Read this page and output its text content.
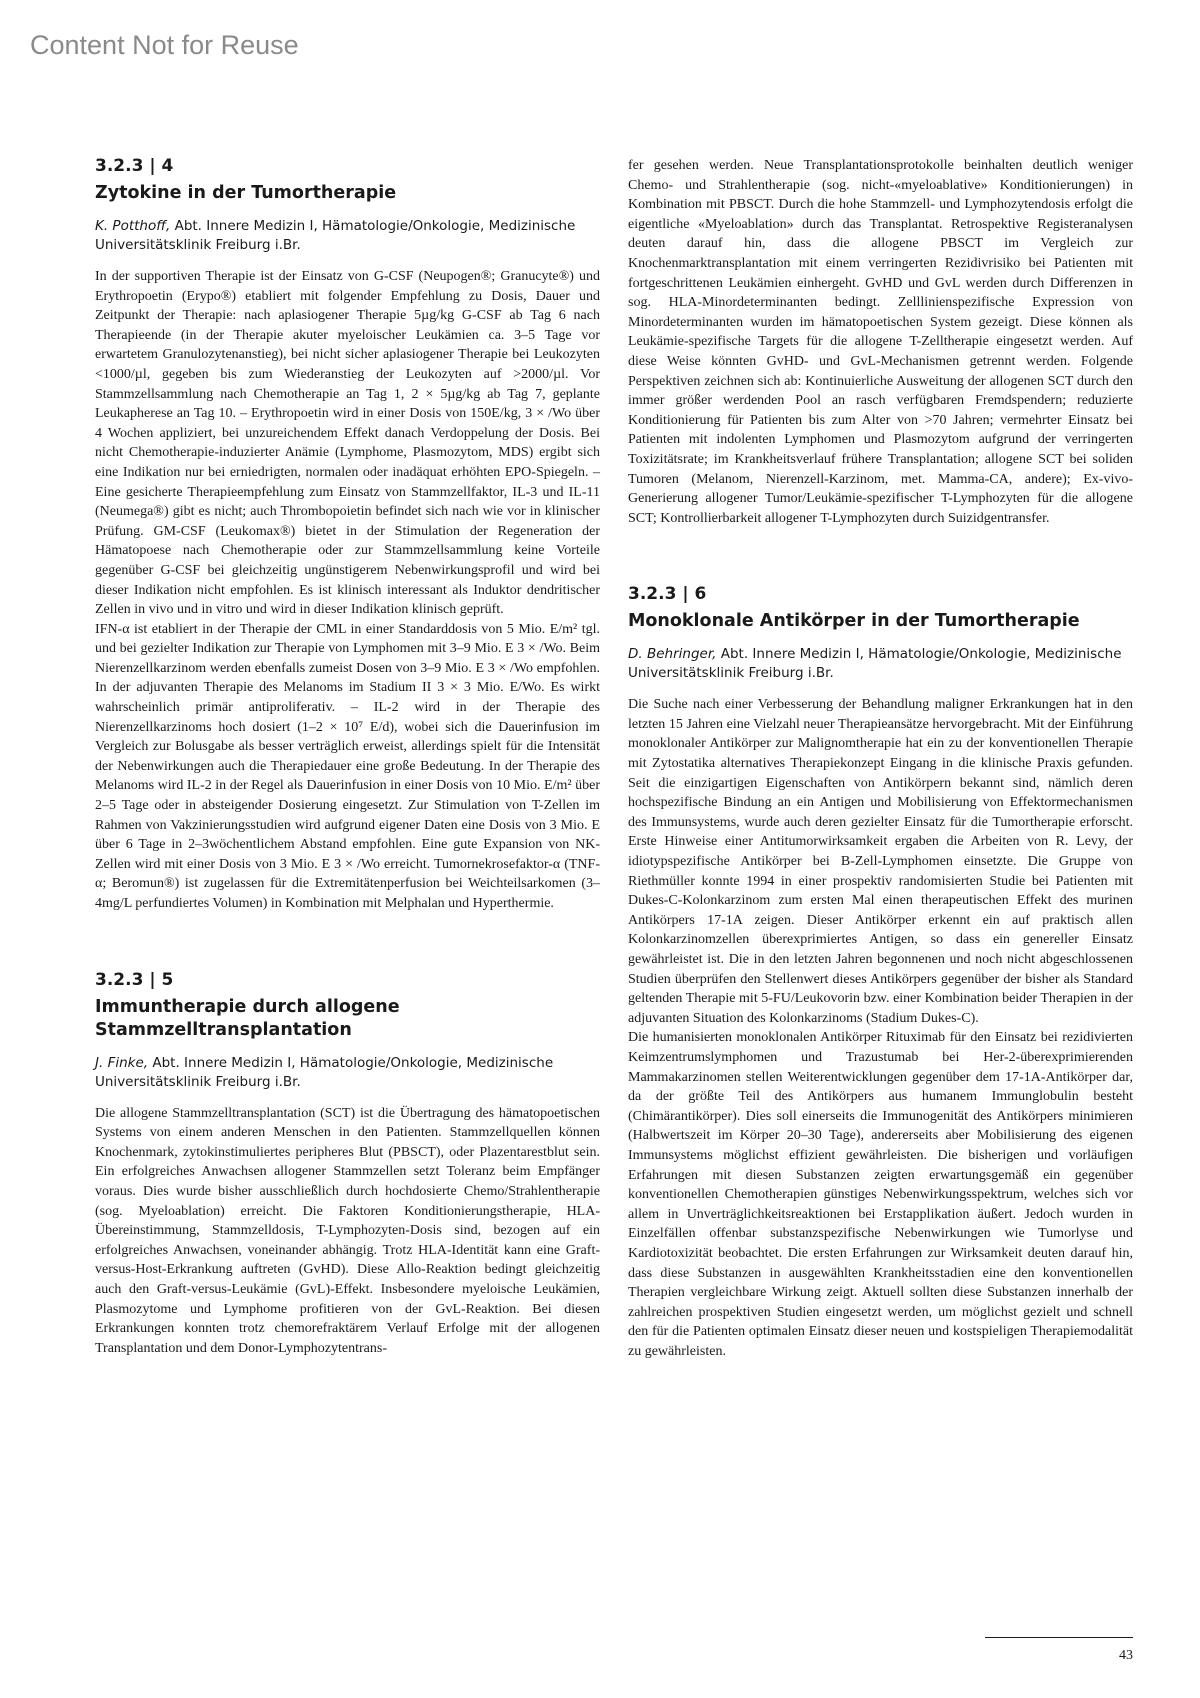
Content Not for Reuse
3.2.3 | 4
Zytokine in der Tumortherapie
K. Potthoff, Abt. Innere Medizin I, Hämatologie/Onkologie, Medizinische Universitätsklinik Freiburg i.Br.

In der supportiven Therapie ist der Einsatz von G-CSF (Neupogen®; Granucyte®) und Erythropoetin (Erypo®) etabliert mit folgender Empfehlung zu Dosis, Dauer und Zeitpunkt der Therapie: nach aplasiogener Therapie 5µg/kg G-CSF ab Tag 6 nach Therapieende (in der Therapie akuter myeloischer Leukämien ca. 3–5 Tage vor erwartetem Granulozytenanstieg), bei nicht sicher aplasiogener Therapie bei Leukozyten <1000/µl, gegeben bis zum Wiederanstieg der Leukozyten auf >2000/µl. Vor Stammzellsammlung nach Chemotherapie an Tag 1, 2 × 5µg/kg ab Tag 7, geplante Leukapherese an Tag 10. – Erythropoetin wird in einer Dosis von 150E/kg, 3 × /Wo über 4 Wochen appliziert, bei unzureichendem Effekt danach Verdoppelung der Dosis. Bei nicht Chemotherapie-induzierter Anämie (Lymphome, Plasmozytom, MDS) ergibt sich eine Indikation nur bei erniedrigten, normalen oder inadäquat erhöhten EPO-Spiegeln. – Eine gesicherte Therapieempfehlung zum Einsatz von Stammzellfaktor, IL-3 und IL-11 (Neumega®) gibt es nicht; auch Thrombopoietin befindet sich nach wie vor in klinischer Prüfung. GM-CSF (Leukomax®) bietet in der Stimulation der Regeneration der Hämatopoese nach Chemotherapie oder zur Stammzellsammlung keine Vorteile gegenüber G-CSF bei gleichzeitig ungünstigerem Nebenwirkungsprofil und wird bei dieser Indikation nicht empfohlen. Es ist klinisch interessant als Induktor dendritischer Zellen in vivo und in vitro und wird in dieser Indikation klinisch geprüft.

IFN-α ist etabliert in der Therapie der CML in einer Standarddosis von 5 Mio. E/m² tgl. und bei gezielter Indikation zur Therapie von Lymphomen mit 3–9 Mio. E 3 × /Wo. Beim Nierenzellkarzinom werden ebenfalls zumeist Dosen von 3–9 Mio. E 3 × /Wo empfohlen. In der adjuvanten Therapie des Melanoms im Stadium II 3 × 3 Mio. E/Wo. Es wirkt wahrscheinlich primär antiproliferativ. – IL-2 wird in der Therapie des Nierenzellkarzinoms hoch dosiert (1–2 × 10⁷ E/d), wobei sich die Dauerinfusion im Vergleich zur Bolusgabe als besser verträglich erweist, allerdings spielt für die Intensität der Nebenwirkungen auch die Therapiedauer eine große Bedeutung. In der Therapie des Melanoms wird IL-2 in der Regel als Dauerinfusion in einer Dosis von 10 Mio. E/m² über 2–5 Tage oder in absteigender Dosierung eingesetzt. Zur Stimulation von T-Zellen im Rahmen von Vakzinierungsstudien wird aufgrund eigener Daten eine Dosis von 3 Mio. E über 6 Tage in 2–3wöchentlichem Abstand empfohlen. Eine gute Expansion von NK-Zellen wird mit einer Dosis von 3 Mio. E 3 × /Wo erreicht. Tumornekrosefaktor-α (TNF-α; Beromun®) ist zugelassen für die Extremitätenperfusion bei Weichteilsarkomen (3–4mg/L perfundiertes Volumen) in Kombination mit Melphalan und Hyperthermie.

3.2.3 | 5
Immuntherapie durch allogene Stammzelltransplantation
J. Finke, Abt. Innere Medizin I, Hämatologie/Onkologie, Medizinische Universitätsklinik Freiburg i.Br.

Die allogene Stammzelltransplantation (SCT) ist die Übertragung des hämatopoetischen Systems von einem anderen Menschen in den Patienten. Stammzellquellen können Knochenmark, zytokinstimuliertes peripheres Blut (PBSCT), oder Plazentarestblut sein. Ein erfolgreiches Anwachsen allogener Stammzellen setzt Toleranz beim Empfänger voraus. Dies wurde bisher ausschließlich durch hochdosierte Chemo/Strahlentherapie (sog. Myeloablation) erreicht. Die Faktoren Konditionierungstherapie, HLA-Übereinstimmung, Stammzelldosis, T-Lymphozyten-Dosis sind, bezogen auf ein erfolgreiches Anwachsen, voneinander abhängig. Trotz HLA-Identität kann eine Graft-versus-Host-Erkrankung auftreten (GvHD). Diese Allo-Reaktion bedingt gleichzeitig auch den Graft-versus-Leukämie (GvL)-Effekt. Insbesondere myeloische Leukämien, Plasmozytome und Lymphome profitieren von der GvL-Reaktion. Bei diesen Erkrankungen konnten trotz chemorefraktärem Verlauf Erfolge mit der allogenen Transplantation und dem Donor-Lymphozytentrans-

fer gesehen werden. Neue Transplantationsprotokolle beinhalten deutlich weniger Chemo- und Strahlentherapie (sog. nicht-«myeloablative» Konditionierungen) in Kombination mit PBSCT. Durch die hohe Stammzell- und Lymphozytendosis erfolgt die eigentliche «Myeloablation» durch das Transplantat. Retrospektive Registeranalysen deuten darauf hin, dass die allogene PBSCT im Vergleich zur Knochenmarktransplantation mit einem verringerten Rezidivrisiko bei Patienten mit fortgeschrittenen Leukämien einhergeht. GvHD und GvL werden durch Differenzen in sog. HLA-Minordeterminanten bedingt. Zelllinienspezifische Expression von Minordeterminanten wurden im hämatopoetischen System gezeigt. Diese können als Leukämie-spezifische Targets für die allogene T-Zelltherapie eingesetzt werden. Auf diese Weise könnten GvHD- und GvL-Mechanismen getrennt werden. Folgende Perspektiven zeichnen sich ab: Kontinuierliche Ausweitung der allogenen SCT durch den immer größer werdenden Pool an rasch verfügbaren Fremdspendern; reduzierte Konditionierung für Patienten bis zum Alter von >70 Jahren; vermehrter Einsatz bei Patienten mit indolenten Lymphomen und Plasmozytom aufgrund der verringerten Toxizitätsrate; im Krankheitsverlauf frühere Transplantation; allogene SCT bei soliden Tumoren (Melanom, Nierenzell-Karzinom, met. Mamma-CA, andere); Ex-vivo-Generierung allogener Tumor/Leukämie-spezifischer T-Lymphozyten für die allogene SCT; Kontrollierbarkeit allogener T-Lymphozyten durch Suizidgentransfer.

3.2.3 | 6
Monoklonale Antikörper in der Tumortherapie
D. Behringer, Abt. Innere Medizin I, Hämatologie/Onkologie, Medizinische Universitätsklinik Freiburg i.Br.

Die Suche nach einer Verbesserung der Behandlung maligner Erkrankungen hat in den letzten 15 Jahren eine Vielzahl neuer Therapieansätze hervorgebracht. Mit der Einführung monoklonaler Antikörper zur Malignomtherapie hat ein zu der konventionellen Therapie mit Zytostatika alternatives Therapiekonzept Eingang in die klinische Praxis gefunden. Seit die einzigartigen Eigenschaften von Antikörpern bekannt sind, nämlich deren hochspezifische Bindung an ein Antigen und Mobilisierung von Effektormechanismen des Immunsystems, wurde auch deren gezielter Einsatz für die Tumortherapie erforscht. Erste Hinweise einer Antitumorwirksamkeit ergaben die Arbeiten von R. Levy, der idiotypspezifische Antikörper bei B-Zell-Lymphomen einsetzte. Die Gruppe von Riethmüller konnte 1994 in einer prospektiv randomisierten Studie bei Patienten mit Dukes-C-Kolonkarzinom zum ersten Mal einen therapeutischen Effekt des murinen Antikörpers 17-1A zeigen. Dieser Antikörper erkennt ein auf praktisch allen Kolonkarzinomzellen überexprimiertes Antigen, so dass ein genereller Einsatz gewährleistet ist. Die in den letzten Jahren begonnenen und noch nicht abgeschlossenen Studien überprüfen den Stellenwert dieses Antikörpers gegenüber der bisher als Standard geltenden Therapie mit 5-FU/Leukovorin bzw. einer Kombination beider Therapien in der adjuvanten Situation des Kolonkarzinoms (Stadium Dukes-C).

Die humanisierten monoklonalen Antikörper Rituximab für den Einsatz bei rezidivierten Keimzentrumslymphomen und Trazustumab bei Her-2-überexprimierenden Mammakarzinomen stellen Weiterentwicklungen gegenüber dem 17-1A-Antikörper dar, da der größte Teil des Antikörpers aus humanem Immunglobulin besteht (Chimärantikörper). Dies soll einerseits die Immunogenität des Antikörpers minimieren (Halbwertszeit im Körper 20–30 Tage), andererseits aber Mobilisierung des eigenen Immunsystems möglichst effizient gewährleisten. Die bisherigen und vorläufigen Erfahrungen mit diesen Substanzen zeigten erwartungsgemäß ein gegenüber konventionellen Chemotherapien günstiges Nebenwirkungsspektrum, welches sich vor allem in Unverträglichkeitsreaktionen bei Erstapplikation äußert. Jedoch wurden in Einzelfällen offenbar substanzspezifische Nebenwirkungen wie Tumorlyse und Kardiotoxizität beobachtet. Die ersten Erfahrungen zur Wirksamkeit deuten darauf hin, dass diese Substanzen in ausgewählten Krankheitsstadien eine den konventionellen Therapien vergleichbare Wirkung zeigt. Aktuell sollten diese Substanzen innerhalb der zahlreichen prospektiven Studien eingesetzt werden, um möglichst gezielt und schnell den für die Patienten optimalen Einsatz dieser neuen und kostspieligen Therapiemodalität zu gewährleisten.

43
